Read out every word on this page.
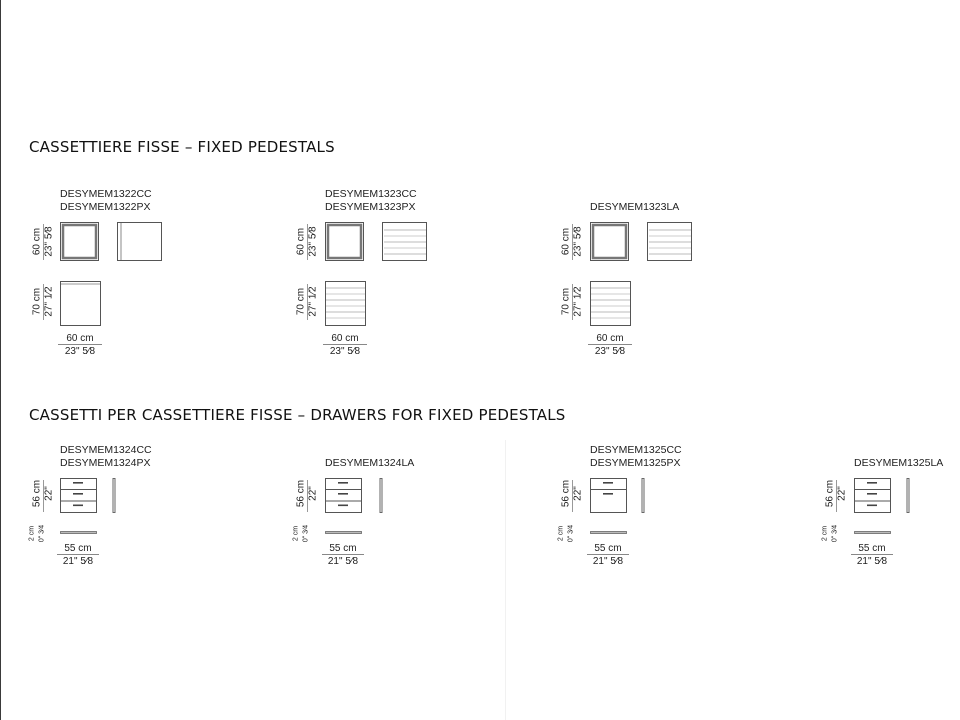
CASSETTIERE FISSE – FIXED PEDESTALS
DESYMEM1322CC
DESYMEM1322PX
60 cm 23" 5⁄8
70 cm 27" 1⁄2
60 cm
23" 5⁄8
DESYMEM1323CC
DESYMEM1323PX
60 cm 23" 5⁄8
70 cm 27" 1⁄2
60 cm
23" 5⁄8
DESYMEM1323LA
60 cm 23" 5⁄8
70 cm 27" 1⁄2
60 cm
23" 5⁄8
CASSETTI PER CASSETTIERE FISSE – DRAWERS FOR FIXED PEDESTALS
DESYMEM1324CC
DESYMEM1324PX
56 cm 22"
2 cm 0" 3⁄4
55 cm
21" 5⁄8
DESYMEM1324LA
56 cm 22"
2 cm 0" 3⁄4
55 cm
21" 5⁄8
DESYMEM1325CC
DESYMEM1325PX
56 cm 22"
2 cm 0" 3⁄4
55 cm
21" 5⁄8
DESYMEM1325LA
56 cm 22"
2 cm 0" 3⁄4
55 cm
21" 5⁄8
